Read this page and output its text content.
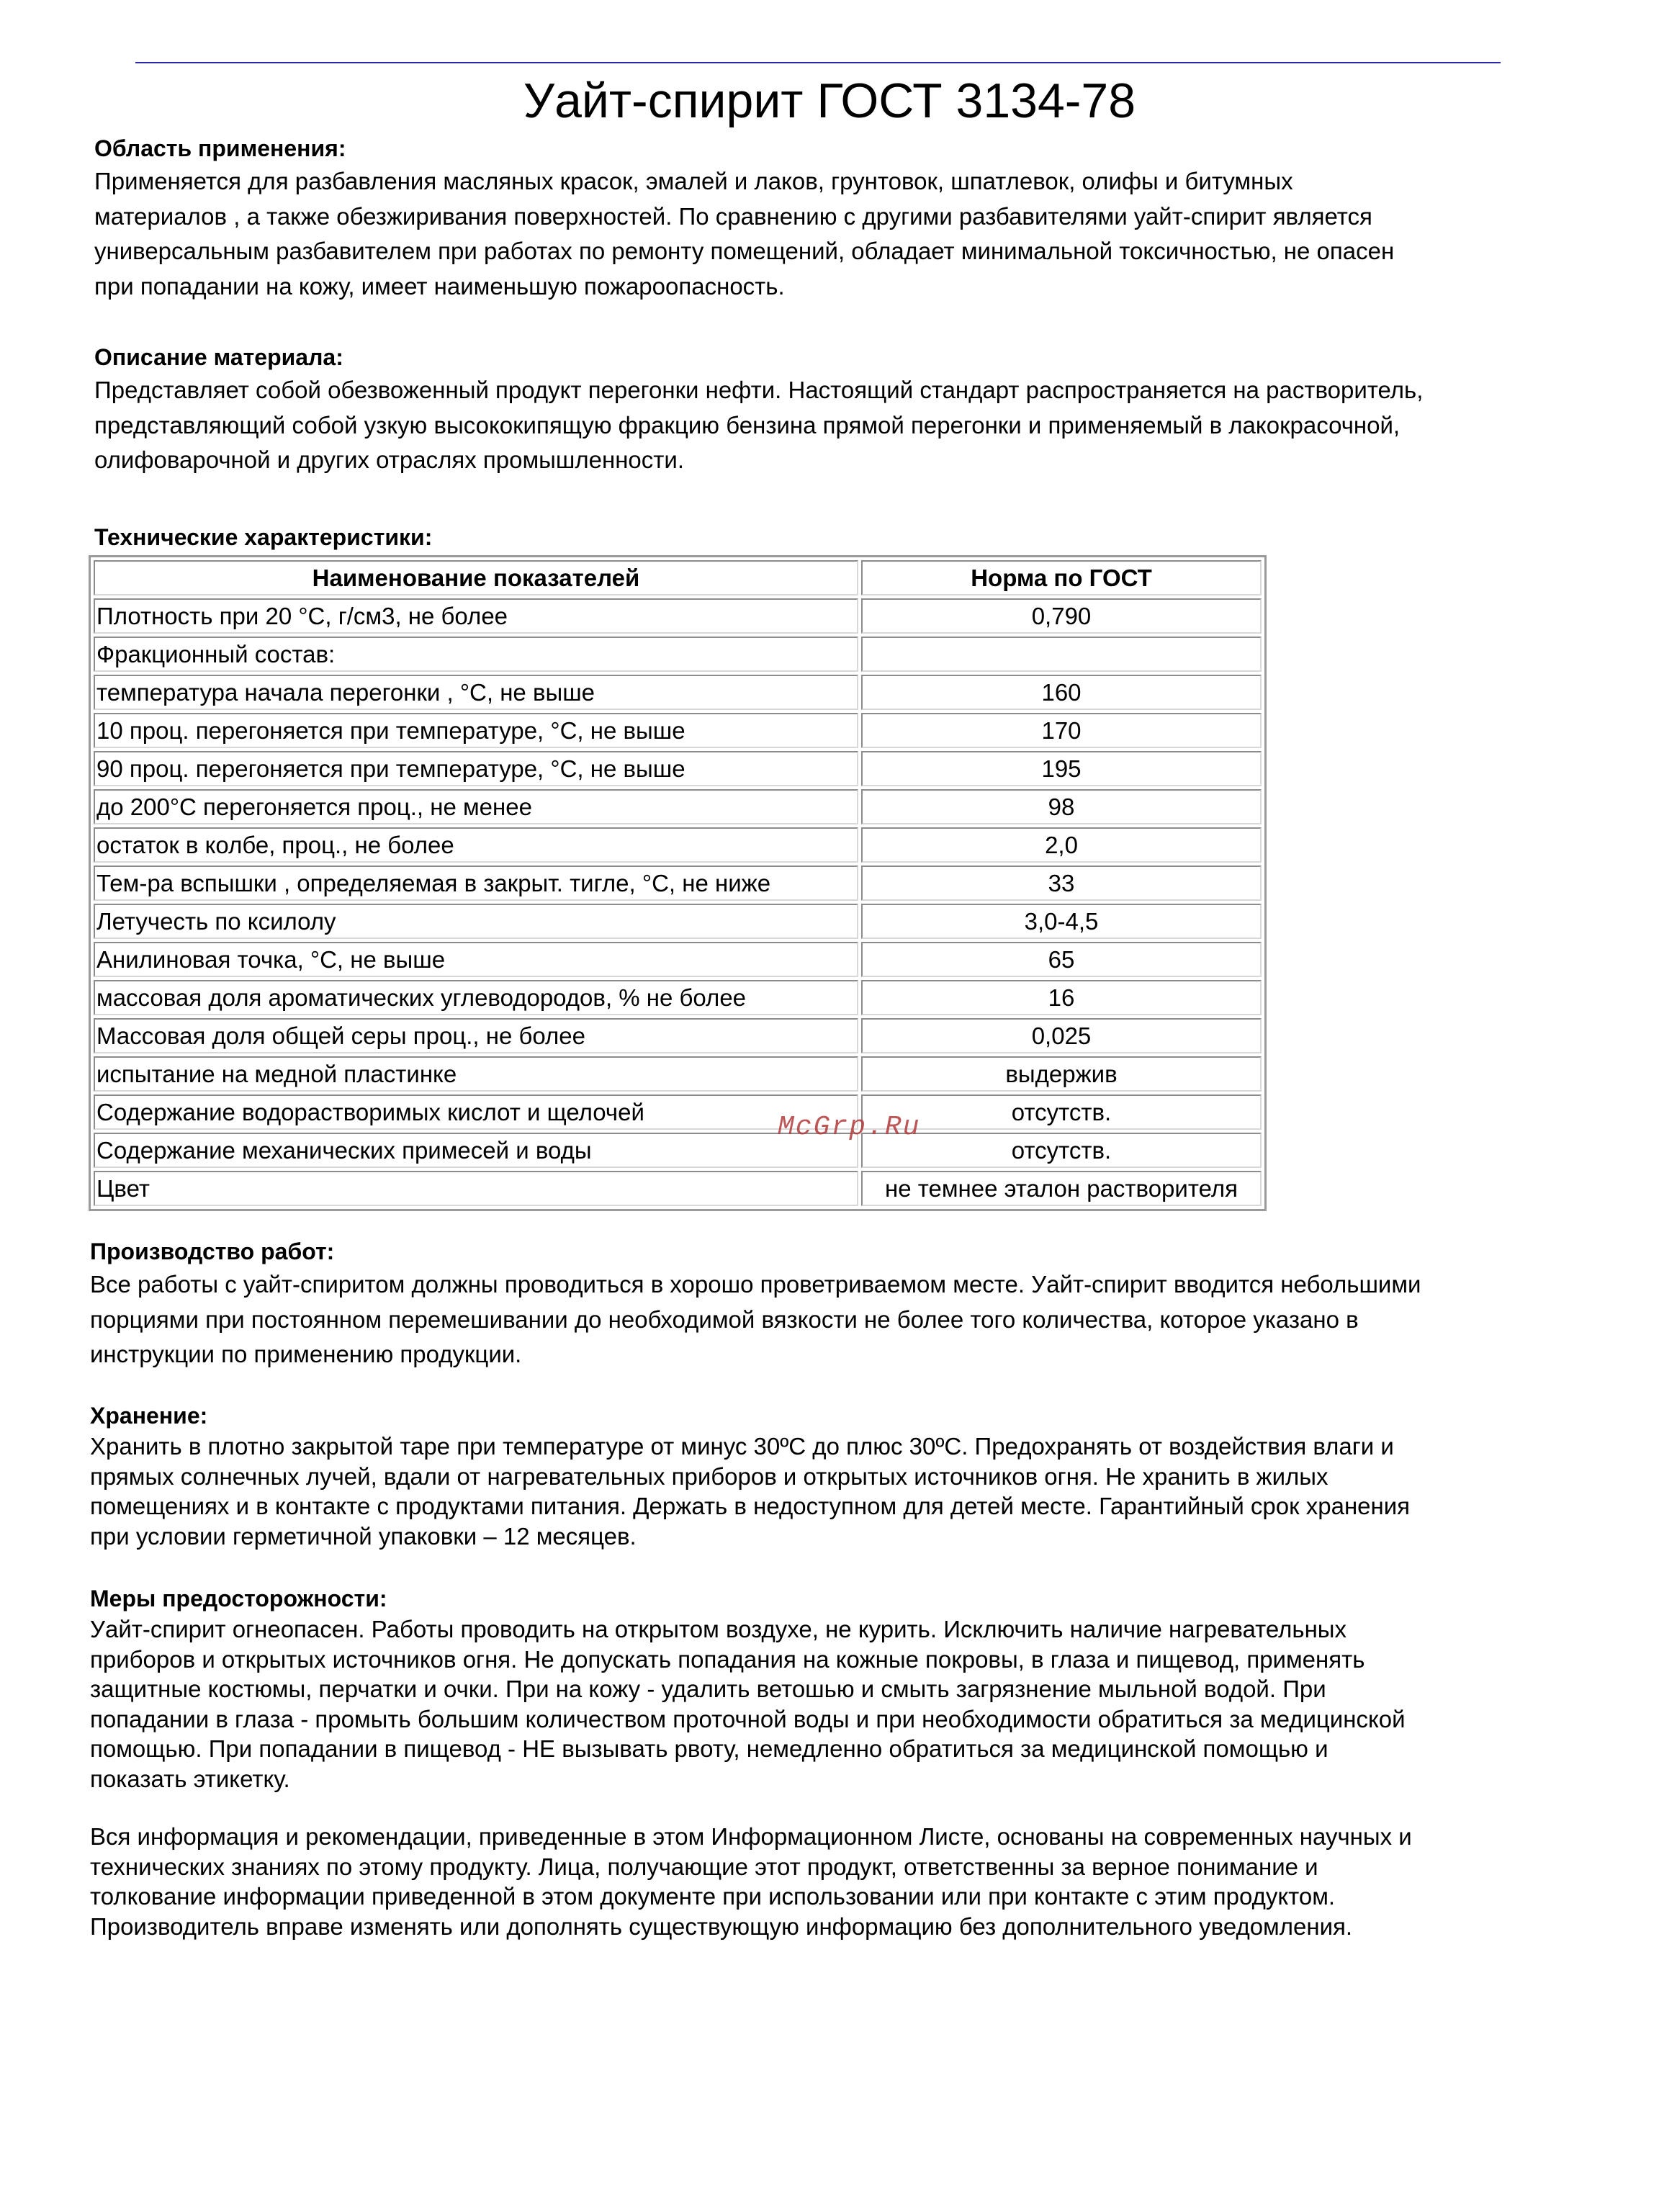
Уайт-спирит ГОСТ 3134-78

Область применения:

Применяется для разбавления масляных красок, эмалей и лаков, грунтовок, шпатлевок, олифы и битумных
материалов , а также обезжиривания поверхностей. По сравнению с другими разбавителями уайт-спирит является
универсальным разбавителем при работах по ремонту помещений, обладает минимальной токсичностью, не опасен
при попадании на кожу, имеет наименьшую пожароопасность.

Описание материала:

Представляет собой обезвоженный продукт перегонки нефти. Настоящий стандарт распространяется на растворитель,
представляющий собой узкую высококипящую фракцию бензина прямой перегонки и применяемый в лакокрасочной,
олифоварочной и других отраслях промышленности.

Технические характеристики:

Наименование показателей	Норма по ГОСТ
Плотность при 20 °С, г/см3, не более	0,790
Фракционный состав:	
температура начала перегонки , °С, не выше	160
10 проц. перегоняется при температуре, °С, не выше	170
90 проц. перегоняется при температуре, °С, не выше	195
до 200°С перегоняется проц., не менее	98
остаток в колбе, проц., не более	2,0
Тем-ра вспышки , определяемая в закрыт. тигле, °С, не ниже	33
Летучесть по ксилолу	3,0-4,5
Анилиновая точка, °С, не выше	65
массовая доля ароматических углеводородов, % не более	16
Массовая доля общей серы проц., не более	0,025
испытание на медной пластинке	выдержив
Содержание водорастворимых кислот и щелочей	отсутств.
Содержание механических примесей и воды	отсутств.
Цвет	не темнее эталон растворителя
McGrp.Ru

Производство работ:

Все работы с уайт-спиритом должны проводиться в хорошо проветриваемом месте. Уайт-спирит вводится небольшими
порциями при постоянном перемешивании до необходимой вязкости не более того количества, которое указано в
инструкции по применению продукции.

Хранение:

Хранить в плотно закрытой таре при температуре от минус 30ºС до плюс 30ºС. Предохранять от воздействия влаги и
прямых солнечных лучей, вдали от нагревательных приборов и открытых источников огня. Не хранить в жилых
помещениях и в контакте с продуктами питания. Держать в недоступном для детей месте. Гарантийный срок хранения
при условии герметичной упаковки – 12 месяцев.

Меры предосторожности:

Уайт-спирит огнеопасен. Работы проводить на открытом воздухе, не курить. Исключить наличие нагревательных
приборов и открытых источников огня. Не допускать попадания на кожные покровы, в глаза и пищевод, применять
защитные костюмы, перчатки и очки. При на кожу - удалить ветошью и смыть загрязнение мыльной водой. При
попадании в глаза - промыть большим количеством проточной воды и при необходимости обратиться за медицинской
помощью. При попадании в пищевод - НЕ вызывать рвоту, немедленно обратиться за медицинской помощью и
показать этикетку.

Вся информация и рекомендации, приведенные в этом Информационном Листе, основаны на современных научных и
технических знаниях по этому продукту. Лица, получающие этот продукт, ответственны за верное понимание и
толкование информации приведенной в этом документе при использовании или при контакте с этим продуктом.
Производитель вправе изменять или дополнять существующую информацию без дополнительного уведомления.
